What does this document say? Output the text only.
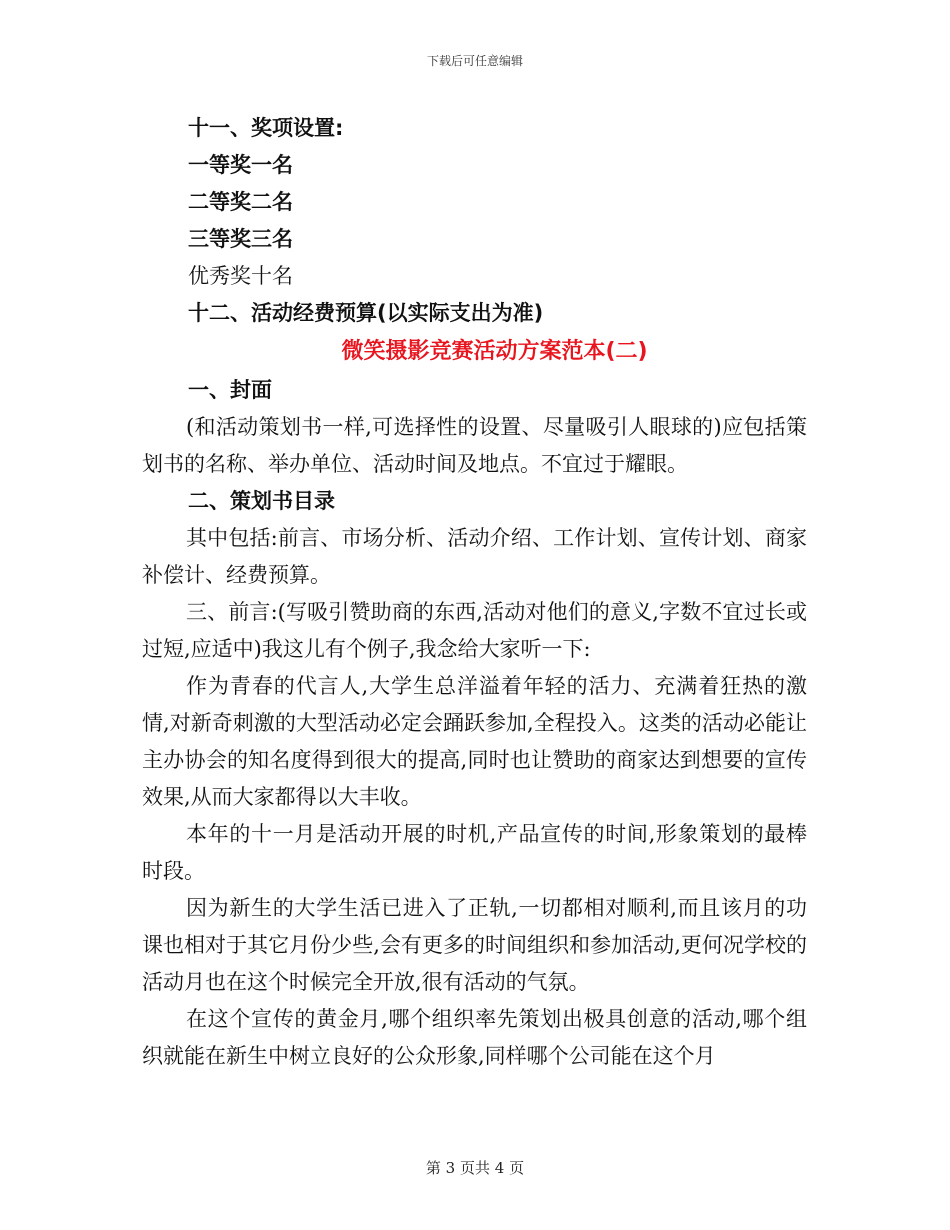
下载后可任意编辑
十一、奖项设置:
一等奖一名
二等奖二名
三等奖三名
优秀奖十名
十二、活动经费预算(以实际支出为准)
微笑摄影竞赛活动方案范本(二)
一、封面

(和活动策划书一样,可选择性的设置、尽量吸引人眼球的)应包括策划书的名称、举办单位、活动时间及地点。不宜过于耀眼。

二、策划书目录

其中包括:前言、市场分析、活动介绍、工作计划、宣传计划、商家补偿计、经费预算。

三、前言:(写吸引赞助商的东西,活动对他们的意义,字数不宜过长或过短,应适中)我这儿有个例子,我念给大家听一下:

作为青春的代言人,大学生总洋溢着年轻的活力、充满着狂热的激情,对新奇刺激的大型活动必定会踊跃参加,全程投入。这类的活动必能让主办协会的知名度得到很大的提高,同时也让赞助的商家达到想要的宣传效果,从而大家都得以大丰收。

本年的十一月是活动开展的时机,产品宣传的时间,形象策划的最棒时段。

因为新生的大学生活已进入了正轨,一切都相对顺利,而且该月的功课也相对于其它月份少些,会有更多的时间组织和参加活动,更何况学校的活动月也在这个时候完全开放,很有活动的气氛。

在这个宣传的黄金月,哪个组织率先策划出极具创意的活动,哪个组织就能在新生中树立良好的公众形象,同样哪个公司能在这个月

第 3 页共 4 页
